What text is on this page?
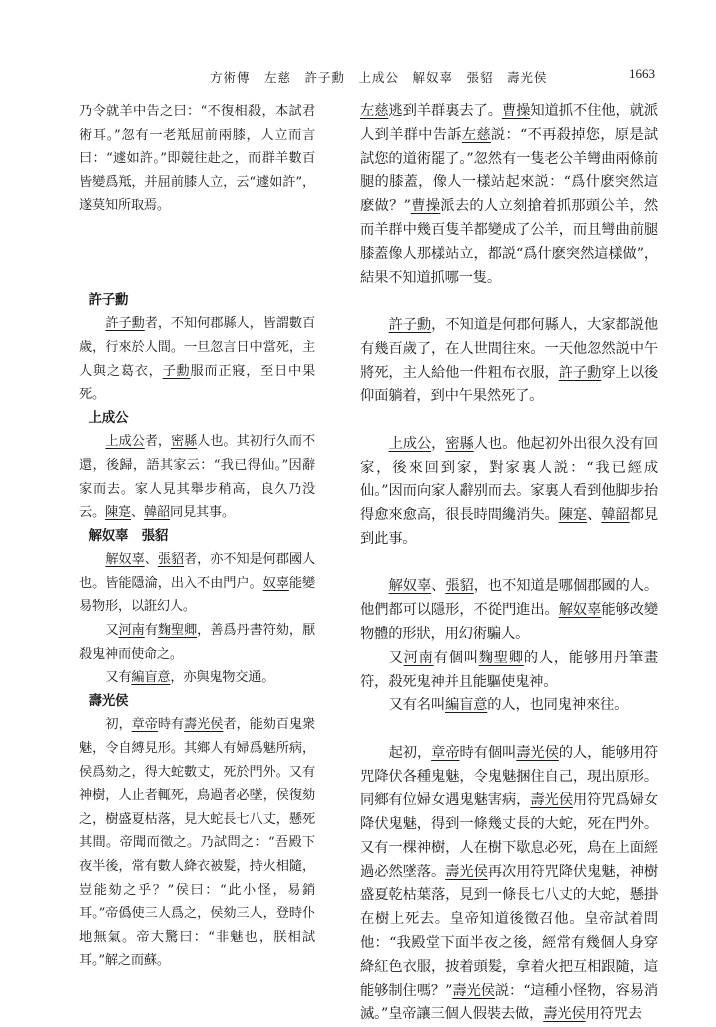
方術傳　左慈　許子勳　上成公　解奴辜　張貂　壽光侯	1663

乃令就羊中告之曰：“不復相殺，本試君術耳。”忽有一老羝屈前兩膝，人立而言曰：“遽如許。”即競往赴之，而群羊數百皆變爲羝，并屈前膝人立，云“遽如許”，遂莫知所取焉。

許子勳

許子勳者，不知何郡縣人，皆謂數百歲，行來於人間。一旦忽言日中當死，主人與之葛衣，子勳服而正寢，至日中果死。

上成公

上成公者，密縣人也。其初行久而不還，後歸，語其家云：“我已得仙。”因辭家而去。家人見其舉步稍高，良久乃没云。陳寔、韓韶同見其事。

解奴辜　張貂

解奴辜、張貂者，亦不知是何郡國人也。皆能隱淪，出入不由門户。奴辜能變易物形，以誑幻人。

又河南有麴聖卿，善爲丹書符劾，厭殺鬼神而使命之。

又有編盲意，亦與鬼物交通。

壽光侯

初，章帝時有壽光侯者，能劾百鬼衆魅，令自縛見形。其鄉人有婦爲魅所病，侯爲劾之，得大蛇數丈，死於門外。又有神樹，人止者輒死，鳥過者必墜，侯復劾之，樹盛夏枯落，見大蛇長七八丈，懸死其間。帝聞而徵之。乃試問之：“吾殿下夜半後，常有數人絳衣被髮，持火相隨，豈能劾之乎？”侯曰：“此小怪，易銷耳。”帝僞使三人爲之，侯劾三人，登時仆地無氣。帝大驚曰：“非魅也，朕相試耳。”解之而蘇。

左慈逃到羊群裏去了。曹操知道抓不住他，就派人到羊群中告訴左慈説：“不再殺掉您，原是試試您的道術罷了。”忽然有一隻老公羊彎曲兩條前腿的膝蓋，像人一樣站起來説：“爲什麽突然這麽做？”曹操派去的人立刻搶着抓那頭公羊，然而羊群中幾百隻羊都變成了公羊，而且彎曲前腿膝蓋像人那樣站立，都説“爲什麽突然這樣做”，結果不知道抓哪一隻。

許子勳，不知道是何郡何縣人，大家都説他有幾百歲了，在人世間往來。一天他忽然説中午將死，主人給他一件粗布衣服，許子勳穿上以後仰面躺着，到中午果然死了。

上成公，密縣人也。他起初外出很久没有回家，後來回到家，對家裏人説：“我已經成仙。”因而向家人辭别而去。家裏人看到他脚步抬得愈來愈高，很長時間纔消失。陳寔、韓韶都見到此事。

解奴辜、張貂，也不知道是哪個郡國的人。他們都可以隱形，不從門進出。解奴辜能够改變物體的形狀，用幻術騙人。

又河南有個叫麴聖卿的人，能够用丹筆畫符，殺死鬼神并且能驅使鬼神。

又有名叫編盲意的人，也同鬼神來往。

起初，章帝時有個叫壽光侯的人，能够用符咒降伏各種鬼魅，令鬼魅捆住自己，現出原形。同鄉有位婦女遇鬼魅害病，壽光侯用符咒爲婦女降伏鬼魅，得到一條幾丈長的大蛇，死在門外。又有一棵神樹，人在樹下歇息必死，鳥在上面經過必然墜落。壽光侯再次用符咒降伏鬼魅，神樹盛夏乾枯葉落，見到一條長七八丈的大蛇，懸掛在樹上死去。皇帝知道後徵召他。皇帝試着問他：“我殿堂下面半夜之後，經常有幾個人身穿絳紅色衣服，披着頭髮，拿着火把互相跟隨，這能够制住嗎？”壽光侯説：“這種小怪物，容易消滅。”皇帝讓三個人假裝去做，壽光侯用符咒去
